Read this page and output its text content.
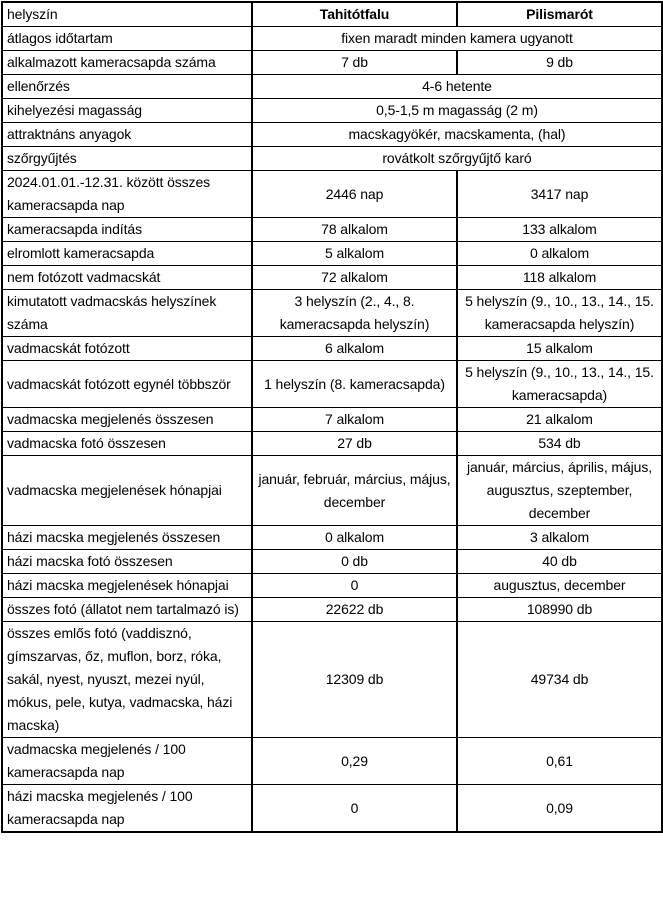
helyszín	Tahitótfalu	Pilismarót
átlagos időtartam	fixen maradt minden kamera ugyanott	
alkalmazott kameracsapda száma	7 db	9 db
ellenőrzés	4-6 hetente	
kihelyezési magasság	0,5-1,5 m magasság (2 m)	
attraktnáns anyagok	macskagyökér, macskamenta, (hal)	
szőrgyűjtés	rovátkolt szőrgyűjtő karó	
2024.01.01.-12.31. között összes kameracsapda nap	2446 nap	3417 nap
kameracsapda indítás	78 alkalom	133 alkalom
elromlott kameracsapda	5 alkalom	0 alkalom
nem fotózott vadmacskát	72 alkalom	118 alkalom
kimutatott vadmacskás helyszínek száma	3 helyszín (2., 4., 8. kameracsapda helyszín)	5 helyszín (9., 10., 13., 14., 15. kameracsapda helyszín)
vadmacskát fotózott	6 alkalom	15 alkalom
vadmacskát fotózott egynél többször	1 helyszín (8. kameracsapda)	5 helyszín (9., 10., 13., 14., 15. kameracsapda)
vadmacska megjelenés összesen	7 alkalom	21 alkalom
vadmacska fotó összesen	27 db	534 db
vadmacska megjelenések hónapjai	január, február, március, május, december	január, március, április, május, augusztus, szeptember, december
házi macska megjelenés összesen	0 alkalom	3 alkalom
házi macska fotó összesen	0 db	40 db
házi macska megjelenések hónapjai	0	augusztus, december
összes fotó (állatot nem tartalmazó is)	22622 db	108990 db
összes emlős fotó (vaddisznó, gímszarvas, őz, muflon, borz, róka, sakál, nyest, nyuszt, mezei nyúl, mókus, pele, kutya, vadmacska, házi macska)	12309 db	49734 db
vadmacska megjelenés / 100 kameracsapda nap	0,29	0,61
házi macska megjelenés / 100 kameracsapda nap	0	0,09
